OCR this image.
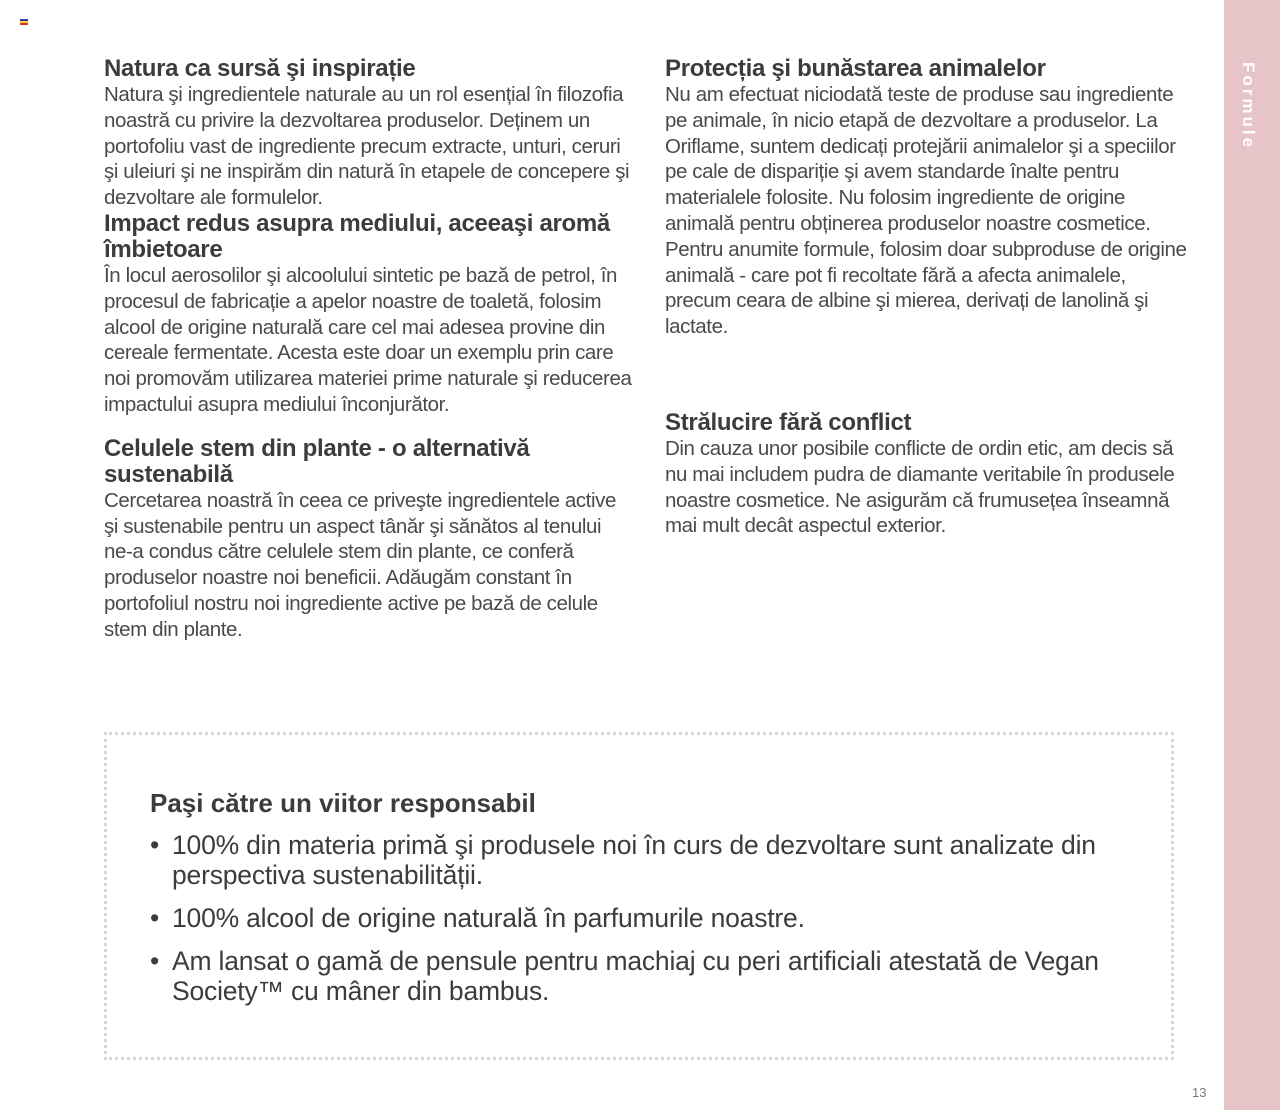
Formule
Natura ca sursă şi inspirație

Natura şi ingredientele naturale au un rol esențial în filozofia noastră cu privire la dezvoltarea produselor. Deținem un portofoliu vast de ingrediente precum extracte, unturi, ceruri şi uleiuri şi ne inspirăm din natură în etapele de concepere şi dezvoltare ale formulelor.

Impact redus asupra mediului, aceeaşi aromă îmbietoare

În locul aerosolilor şi alcoolului sintetic pe bază de petrol, în procesul de fabricație a apelor noastre de toaletă, folosim alcool de origine naturală care cel mai adesea provine din cereale fermentate. Acesta este doar un exemplu prin care noi promovăm utilizarea materiei prime naturale şi reducerea impactului asupra mediului înconjurător.

Celulele stem din plante - o alternativă sustenabilă

Cercetarea noastră în ceea ce priveşte ingredientele active şi sustenabile pentru un aspect tânăr şi sănătos al tenului ne-a condus către celulele stem din plante, ce conferă produselor noastre noi beneficii. Adăugăm constant în portofoliul nostru noi ingrediente active pe bază de celule stem din plante.

Protecția şi bunăstarea animalelor

Nu am efectuat niciodată teste de produse sau ingrediente pe animale, în nicio etapă de dezvoltare a produselor. La Oriflame, suntem dedicați protejării animalelor şi a speciilor pe cale de dispariție şi avem standarde înalte pentru materialele folosite. Nu folosim ingrediente de origine animală pentru obținerea produselor noastre cosmetice. Pentru anumite formule, folosim doar subproduse de origine animală - care pot fi recoltate fără a afecta animalele, precum ceara de albine şi mierea, derivați de lanolină şi lactate.

Strălucire fără conflict

Din cauza unor posibile conflicte de ordin etic, am decis să nu mai includem pudra de diamante veritabile în produsele noastre cosmetice. Ne asigurăm că frumusețea înseamnă mai mult decât aspectul exterior.

Paşi către un viitor responsabil
• 100% din materia primă şi produsele noi în curs de dezvoltare sunt analizate din perspectiva sustenabilității.
• 100% alcool de origine naturală în parfumurile noastre.
• Am lansat o gamă de pensule pentru machiaj cu peri artificiali atestată de Vegan Society™ cu mâner din bambus.
13
